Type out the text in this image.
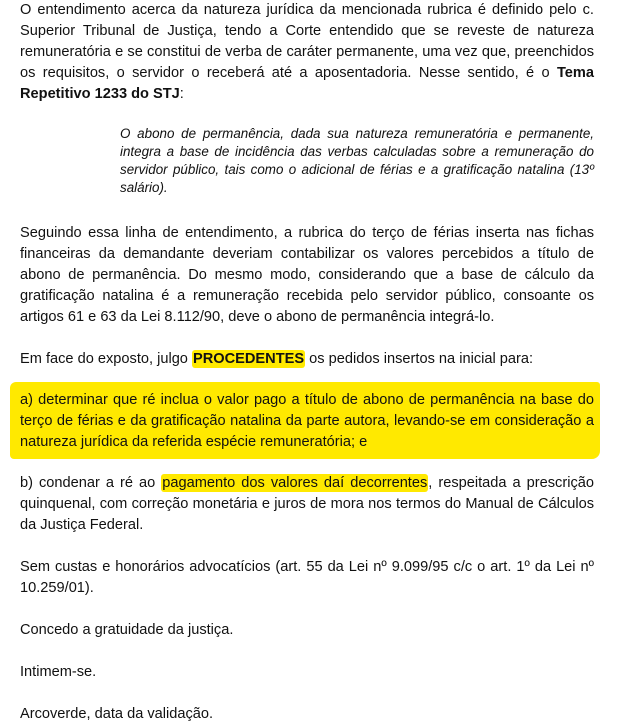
O entendimento acerca da natureza jurídica da mencionada rubrica é definido pelo c. Superior Tribunal de Justiça, tendo a Corte entendido que se reveste de natureza remuneratória e se constitui de verba de caráter permanente, uma vez que, preenchidos os requisitos, o servidor o receberá até a aposentadoria. Nesse sentido, é o Tema Repetitivo 1233 do STJ:

O abono de permanência, dada sua natureza remuneratória e permanente, integra a base de incidência das verbas calculadas sobre a remuneração do servidor público, tais como o adicional de férias e a gratificação natalina (13º salário).

Seguindo essa linha de entendimento, a rubrica do terço de férias inserta nas fichas financeiras da demandante deveriam contabilizar os valores percebidos a título de abono de permanência. Do mesmo modo, considerando que a base de cálculo da gratificação natalina é a remuneração recebida pelo servidor público, consoante os artigos 61 e 63 da Lei 8.112/90, deve o abono de permanência integrá-lo.

Em face do exposto, julgo PROCEDENTES os pedidos insertos na inicial para:

a) determinar que ré inclua o valor pago a título de abono de permanência na base do terço de férias e da gratificação natalina da parte autora, levando-se em consideração a natureza jurídica da referida espécie remuneratória; e

b) condenar a ré ao pagamento dos valores daí decorrentes, respeitada a prescrição quinquenal, com correção monetária e juros de mora nos termos do Manual de Cálculos da Justiça Federal.

Sem custas e honorários advocatícios (art. 55 da Lei nº 9.099/95 c/c o art. 1º da Lei nº 10.259/01).

Concedo a gratuidade da justiça.

Intimem-se.

Arcoverde, data da validação.
